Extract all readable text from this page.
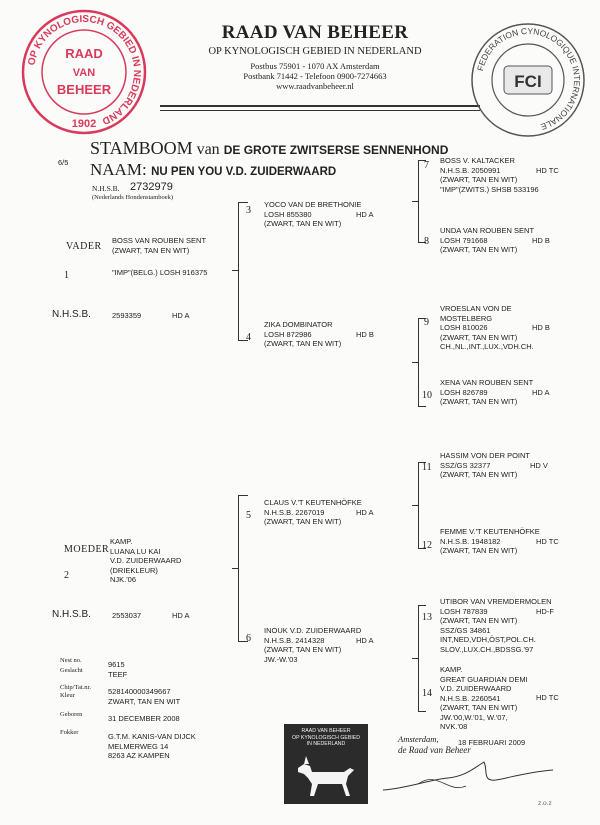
OP KYNOLOGISCH GEBIED IN NEDERLAND
RAAD
VAN
BEHEER
1902
RAAD VAN BEHEER
OP KYNOLOGISCH GEBIED IN NEDERLAND
Postbus 75901 - 1070 AX Amsterdam
Postbank 71442 - Telefoon 0900-7274663
www.raadvanbeheer.nl
FEDERATION CYNOLOGIQUE INTERNATIONALE
FCI
STAMBOOM van DE GROTE ZWITSERSE SENNENHOND
6/5 NAAM: NU PEN YOU V.D. ZUIDERWAARD
N.H.S.B. 2732979
(Nederlands Hondenstamboek)
VADER
1
BOSS VAN ROUBEN SENT
(ZWART, TAN EN WIT)
"IMP"(BELG.) LOSH 916375
N.H.S.B.	2593359	HD A
MOEDER
2
KAMP.
LUANA LU KAI
V.D. ZUIDERWAARD
(DRIEKLEUR)
NJK.'06
N.H.S.B.	2553037	HD A
3
YOCO VAN DE BRETHONIE
LOSH 855380
(ZWART, TAN EN WIT)
HD A
4
ZIKA DOMBINATOR
LOSH 872986
(ZWART, TAN EN WIT)
HD B
5
CLAUS V.'T KEUTENHÖFKE
N.H.S.B. 2267019
(ZWART, TAN EN WIT)
HD A
6
INOUK V.D. ZUIDERWAARD
N.H.S.B. 2414328
(ZWART, TAN EN WIT)
JW.-W.'03
HD A
7 BOSS V. KALTACKER
N.H.S.B. 2050991
(ZWART, TAN EN WIT)
"IMP"(ZWITS.) SHSB 533196
HD TC
8
UNDA VAN ROUBEN SENT
LOSH 791668
(ZWART, TAN EN WIT)
HD B
9
VROESLAN VON DE
MOSTELBERG
LOSH 810026
(ZWART, TAN EN WIT)
CH.,NL.,INT.,LUX.,VDH.CH.
HD B
10
XENA VAN ROUBEN SENT
LOSH 826789
(ZWART, TAN EN WIT)
HD A
11
HASSIM VON DER POINT
SSZ/GS 32377
(ZWART, TAN EN WIT)
HD V
12
FEMME V.'T KEUTENHÖFKE
N.H.S.B. 1948182
(ZWART, TAN EN WIT)
HD TC
13
UTIBOR VAN VREMDERMOLEN
LOSH 787839
(ZWART, TAN EN WIT)
SSZ/GS 34861
INT,NED,VDH,ÖST,POL.CH.
SLOV.,LUX.CH.,BDSSG.'97
HD-F
14
KAMP.
GREAT GUARDIAN DEMI
V.D. ZUIDERWAARD
N.H.S.B. 2260541
(ZWART, TAN EN WIT)
JW.'00,W.'01, W.'07,
NVK.'08
HD TC
Nest no.	9615
Geslacht	TEEF
Chip/Tat.nr. 528140000349667
Kleur
ZWART, TAN EN WIT
Geboren	31 DECEMBER 2008
Fokker	G.T.M. KANIS-VAN DIJCK
MELMERWEG 14
8263 AZ KAMPEN
RAAD VAN BEHEER
OP KYNOLOGISCH GEBIED
IN NEDERLAND	Amsterdam,	18 FEBRUARI 2009
de Raad van Beheer
z.o.z
